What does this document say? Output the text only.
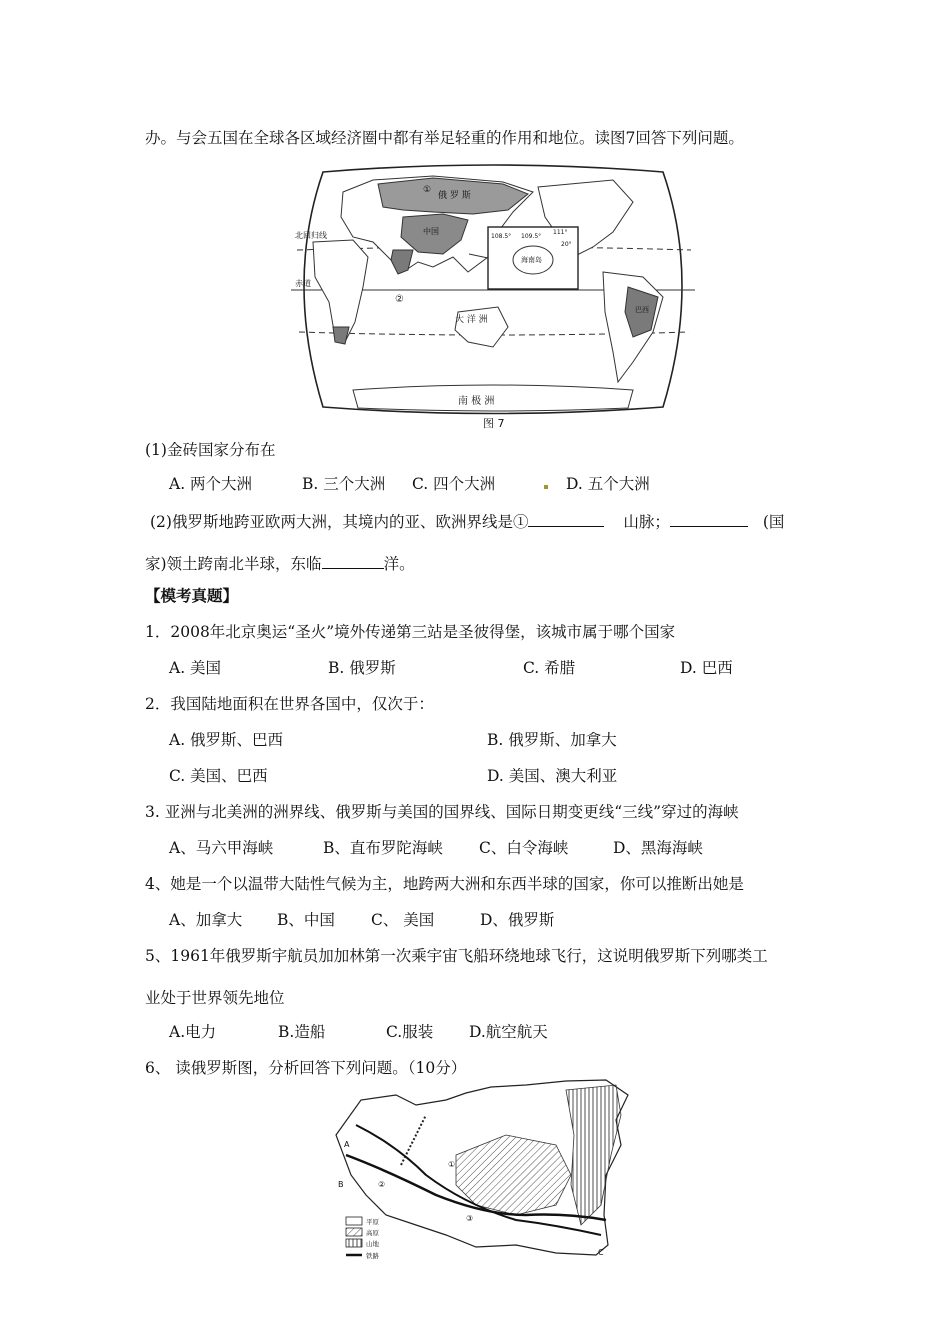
办。与会五国在全球各区域经济圈中都有举足轻重的作用和地位。读图7回答下列问题。
俄 罗 斯
中国
①
②
北回归线
赤道
海南岛
108.5° 109.5°
111°
20°
大 洋 洲
巴西
南 极 洲
图 7
(1)金砖国家分布在
A. 两个大洲	B. 三个大洲 C. 四个大洲	D. 五个大洲
(2)俄罗斯地跨亚欧两大洲，其境内的亚、欧洲界线是①	山脉；	(国
家)领土跨南北半球，东临	洋。
【模考真题】
1．2008年北京奥运“圣火”境外传递第三站是圣彼得堡，该城市属于哪个国家
A. 美国	B. 俄罗斯	C. 希腊	D. 巴西
2．我国陆地面积在世界各国中，仅次于：
A. 俄罗斯、巴西	B. 俄罗斯、加拿大
C. 美国、巴西	D. 美国、澳大利亚
3. 亚洲与北美洲的洲界线、俄罗斯与美国的国界线、国际日期变更线“三线”穿过的海峡
A、马六甲海峡	B、直布罗陀海峡 C、白令海峡	D、黑海海峡
4、她是一个以温带大陆性气候为主，地跨两大洲和东西半球的国家，你可以推断出她是
A、加拿大 B、中国 C、 美国	D、俄罗斯
5、1961年俄罗斯宇航员加加林第一次乘宇宙飞船环绕地球飞行，这说明俄罗斯下列哪类工
业处于世界领先地位
A.电力	B.造船	C.服装 D.航空航天
6、 读俄罗斯图，分析回答下列问题。（10分）
A
B
C
①
②
③
平原
高原
山地
铁路
